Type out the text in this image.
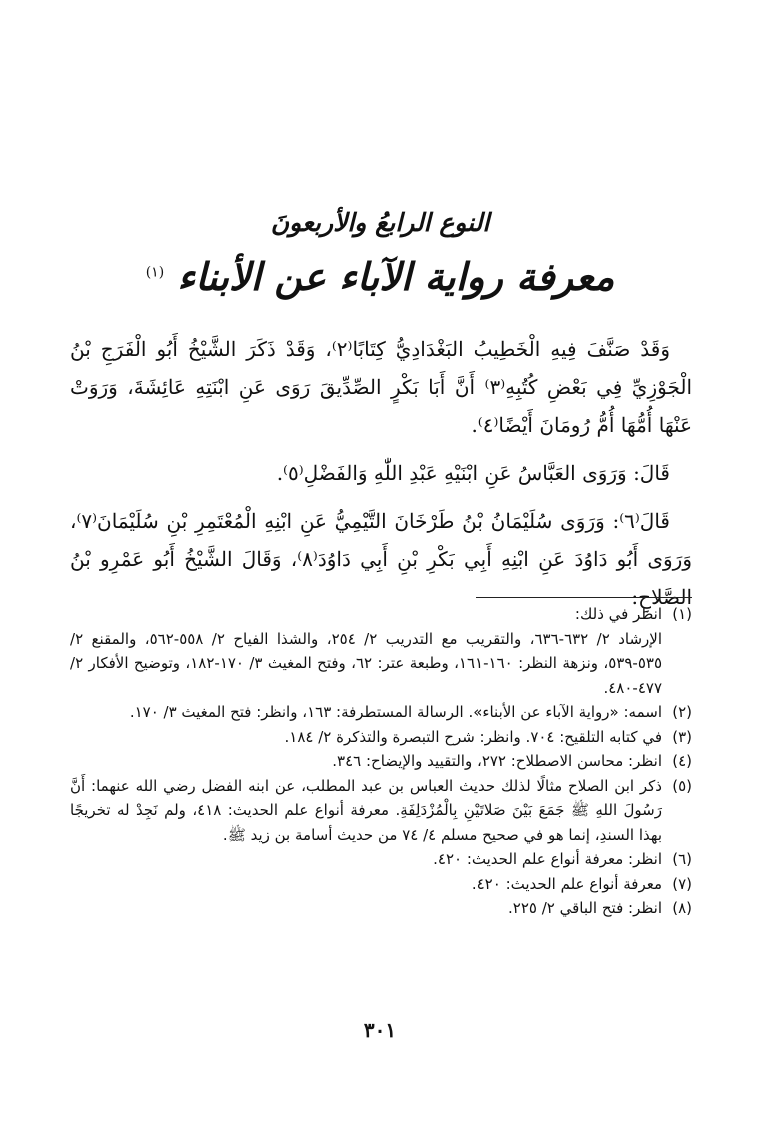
النوع الرابعُ والأربعونَ
معرفة رواية الآباء عن الأبناء $^{(١)}$

وَقَدْ صَنَّفَ فِيهِ الْخَطِيبُ البَغْدَادِيُّ كِتَابًا⁽٢⁾، وَقَدْ ذَكَرَ الشَّيْخُ أَبُو الْفَرَجِ بْنُ الْجَوْزِيِّ فِي بَعْضِ كُتُبِهِ⁽٣⁾ أَنَّ أَبَا بَكْرٍ الصِّدِّيقَ رَوَى عَنِ ابْنَتِهِ عَائِشَةَ، وَرَوَتْ عَنْهَا أُمُّهَا أُمُّ رُومَانَ أَيْضًا⁽٤⁾.

قَالَ: وَرَوَى العَبَّاسُ عَنِ ابْنَيْهِ عَبْدِ اللّٰهِ وَالفَضْلِ⁽٥⁾.

قَالَ⁽٦⁾: وَرَوَى سُلَيْمَانُ بْنُ طَرْخَانَ التَّيْمِيُّ عَنِ ابْنِهِ الْمُعْتَمِرِ بْنِ سُلَيْمَانَ⁽٧⁾، وَرَوَى أَبُو دَاوُدَ عَنِ ابْنِهِ أَبِي بَكْرِ بْنِ أَبِي دَاوُدَ⁽٨⁾، وَقَالَ الشَّيْخُ أَبُو عَمْرِو بْنُ الصَّلاحِ:

(١)
انظر في ذلك:
الإرشاد ٢/ ٦٣٢-٦٣٦، والتقريب مع التدريب ٢/ ٢٥٤، والشذا الفياح ٢/ ٥٥٨-٥٦٢، والمقنع ٢/ ٥٣٥-٥٣٩، ونزهة النظر: ١٦٠-١٦١، وطبعة عتر: ٦٢، وفتح المغيث ٣/ ١٧٠-١٨٢، وتوضيح الأفكار ٢/ ٤٧٧-٤٨٠.
(٢)
اسمه: «رواية الآباء عن الأبناء». الرسالة المستطرفة: ١٦٣، وانظر: فتح المغيث ٣/ ١٧٠.
(٣)
في كتابه التلقيح: ٧٠٤. وانظر: شرح التبصرة والتذكرة ٢/ ١٨٤.
(٤)
انظر: محاسن الاصطلاح: ٢٧٢، والتقييد والإيضاح: ٣٤٦.
(٥)
ذكر ابن الصلاح مثالًا لذلك حديث العباس بن عبد المطلب، عن ابنه الفضل رضي الله عنهما: أَنَّ رَسُولَ اللهِ ﷺ جَمَعَ بَيْنَ صَلاتَيْنِ بِالْمُزْدَلِفَةِ. معرفة أنواع علم الحديث: ٤١٨، ولم نَجِدْ له تخريجًا بهذا السندِ، إنما هو في صحيح مسلم ٤/ ٧٤ من حديث أسامة بن زيد ﷺ.
(٦)
انظر: معرفة أنواع علم الحديث: ٤٢٠.
(٧)
معرفة أنواع علم الحديث: ٤٢٠.
(٨)
انظر: فتح الباقي ٢/ ٢٢٥.
٣٠١
